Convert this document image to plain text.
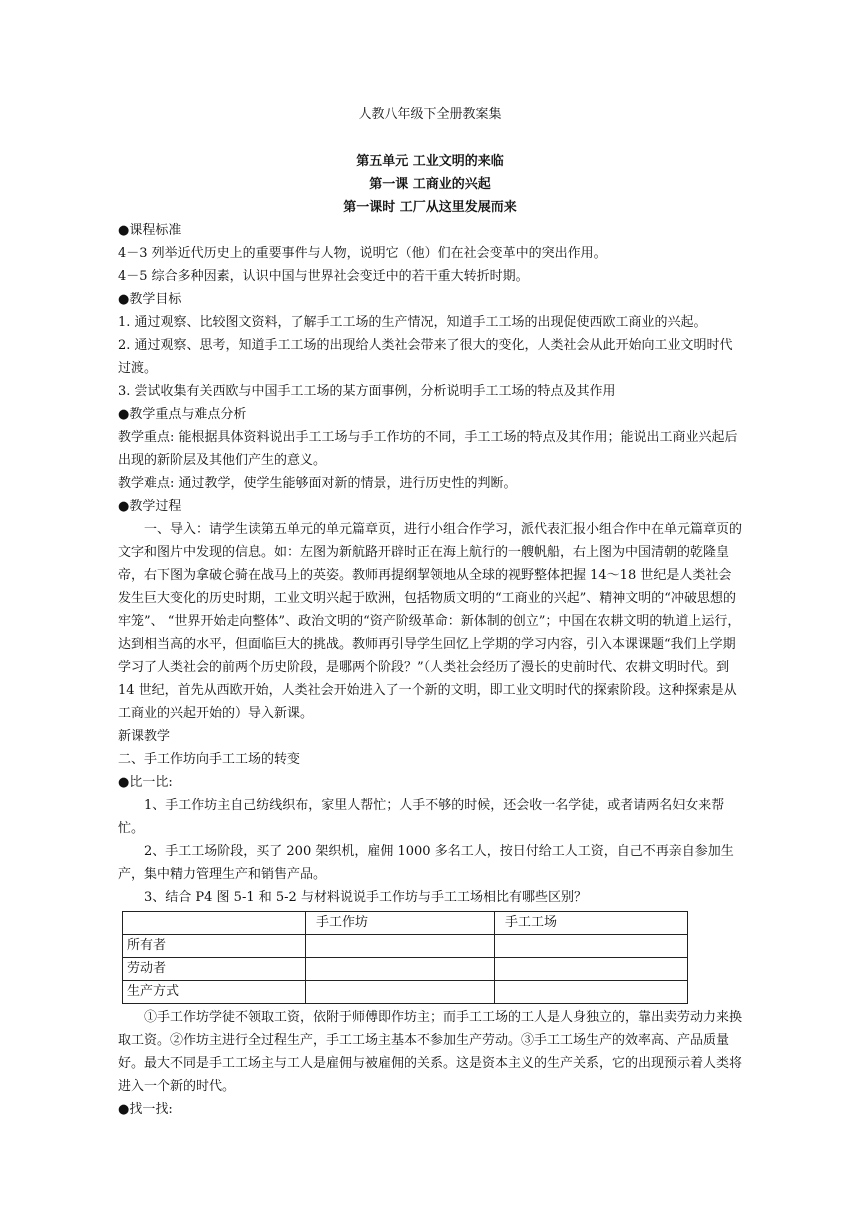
人教八年级下全册教案集

第五单元 工业文明的来临

第一课 工商业的兴起

第一课时 工厂从这里发展而来

●课程标准

4－3 列举近代历史上的重要事件与人物，说明它（他）们在社会变革中的突出作用。

4－5 综合多种因素，认识中国与世界社会变迁中的若干重大转折时期。

●教学目标

1. 通过观察、比较图文资料，了解手工工场的生产情况，知道手工工场的出现促使西欧工商业的兴起。

2. 通过观察、思考，知道手工工场的出现给人类社会带来了很大的变化，人类社会从此开始向工业文明时代过渡。

3. 尝试收集有关西欧与中国手工工场的某方面事例，分析说明手工工场的特点及其作用

●教学重点与难点分析

教学重点: 能根据具体资料说出手工工场与手工作坊的不同，手工工场的特点及其作用；能说出工商业兴起后出现的新阶层及其他们产生的意义。

教学难点: 通过教学，使学生能够面对新的情景，进行历史性的判断。

●教学过程

一、导入：请学生读第五单元的单元篇章页，进行小组合作学习，派代表汇报小组合作中在单元篇章页的文字和图片中发现的信息。如：左图为新航路开辟时正在海上航行的一艘帆船，右上图为中国清朝的乾隆皇帝，右下图为拿破仑骑在战马上的英姿。教师再提纲挈领地从全球的视野整体把握 14～18 世纪是人类社会发生巨大变化的历史时期，工业文明兴起于欧洲，包括物质文明的“工商业的兴起”、精神文明的“冲破思想的牢笼”、 “世界开始走向整体”、政治文明的“资产阶级革命：新体制的创立”；中国在农耕文明的轨道上运行，达到相当高的水平，但面临巨大的挑战。教师再引导学生回忆上学期的学习内容，引入本课课题“我们上学期学习了人类社会的前两个历史阶段，是哪两个阶段？”（人类社会经历了漫长的史前时代、农耕文明时代。到 14 世纪，首先从西欧开始，人类社会开始进入了一个新的文明，即工业文明时代的探索阶段。这种探索是从工商业的兴起开始的）导入新课。

新课教学

二、手工作坊向手工工场的转变

●比一比:

1、手工作坊主自己纺线织布，家里人帮忙；人手不够的时候，还会收一名学徒，或者请两名妇女来帮忙。

2、手工工场阶段，买了 200 架织机，雇佣 1000 多名工人，按日付给工人工资，自己不再亲自参加生产，集中精力管理生产和销售产品。

3、结合 P4 图 5-1 和 5-2 与材料说说手工作坊与手工工场相比有哪些区别？

	手工作坊	手工工场
所有者		
劳动者		
生产方式		

①手工作坊学徒不领取工资，依附于师傅即作坊主；而手工工场的工人是人身独立的，靠出卖劳动力来换取工资。②作坊主进行全过程生产，手工工场主基本不参加生产劳动。③手工工场生产的效率高、产品质量好。最大不同是手工工场主与工人是雇佣与被雇佣的关系。这是资本主义的生产关系，它的出现预示着人类将进入一个新的时代。

●找一找:
